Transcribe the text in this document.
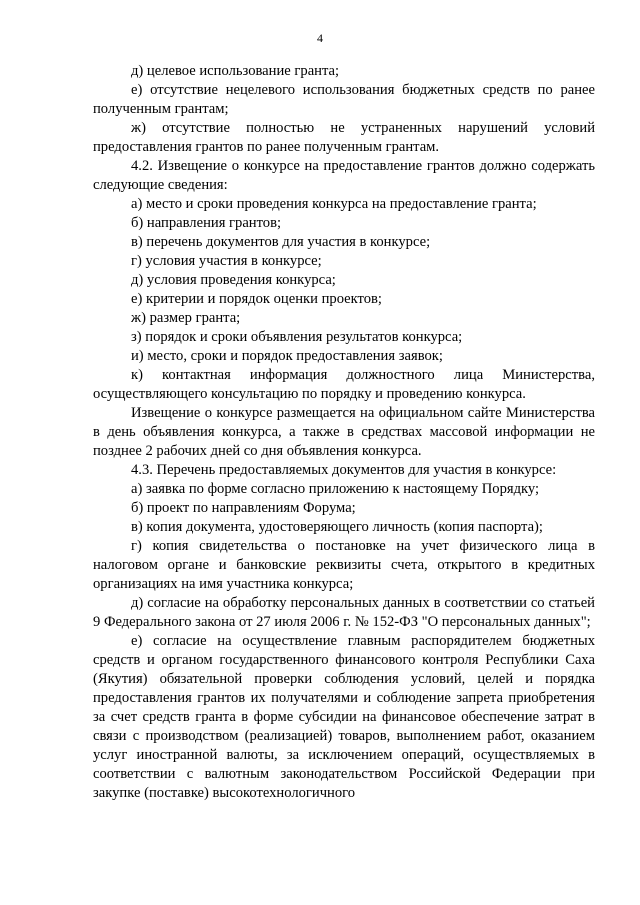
4

д) целевое использование гранта;

е) отсутствие нецелевого использования бюджетных средств по ранее полученным грантам;

ж) отсутствие полностью не устраненных нарушений условий предоставления грантов по ранее полученным грантам.

4.2. Извещение о конкурсе на предоставление грантов должно содержать следующие сведения:

а) место и сроки проведения конкурса на предоставление гранта;

б) направления грантов;

в) перечень документов для участия в конкурсе;

г) условия участия в конкурсе;

д) условия проведения конкурса;

е) критерии и порядок оценки проектов;

ж) размер гранта;

з) порядок и сроки объявления результатов конкурса;

и) место, сроки и порядок предоставления заявок;

к) контактная информация должностного лица Министерства, осуществляющего консультацию по порядку и проведению конкурса.

Извещение о конкурсе размещается на официальном сайте Министерства в день объявления конкурса, а также в средствах массовой информации не позднее 2 рабочих дней со дня объявления конкурса.

4.3. Перечень предоставляемых документов для участия в конкурсе:

а) заявка по форме согласно приложению к настоящему Порядку;

б) проект по направлениям Форума;

в) копия документа, удостоверяющего личность (копия паспорта);

г) копия свидетельства о постановке на учет физического лица в налоговом органе и банковские реквизиты счета, открытого в кредитных организациях на имя участника конкурса;

д) согласие на обработку персональных данных в соответствии со статьей 9 Федерального закона от 27 июля 2006 г. № 152-ФЗ "О персональных данных";

е) согласие на осуществление главным распорядителем бюджетных средств и органом государственного финансового контроля Республики Саха (Якутия) обязательной проверки соблюдения условий, целей и порядка предоставления грантов их получателями и соблюдение запрета приобретения за счет средств гранта в форме субсидии на финансовое обеспечение затрат в связи с производством (реализацией) товаров, выполнением работ, оказанием услуг иностранной валюты, за исключением операций, осуществляемых в соответствии с валютным законодательством Российской Федерации при закупке (поставке) высокотехнологичного
